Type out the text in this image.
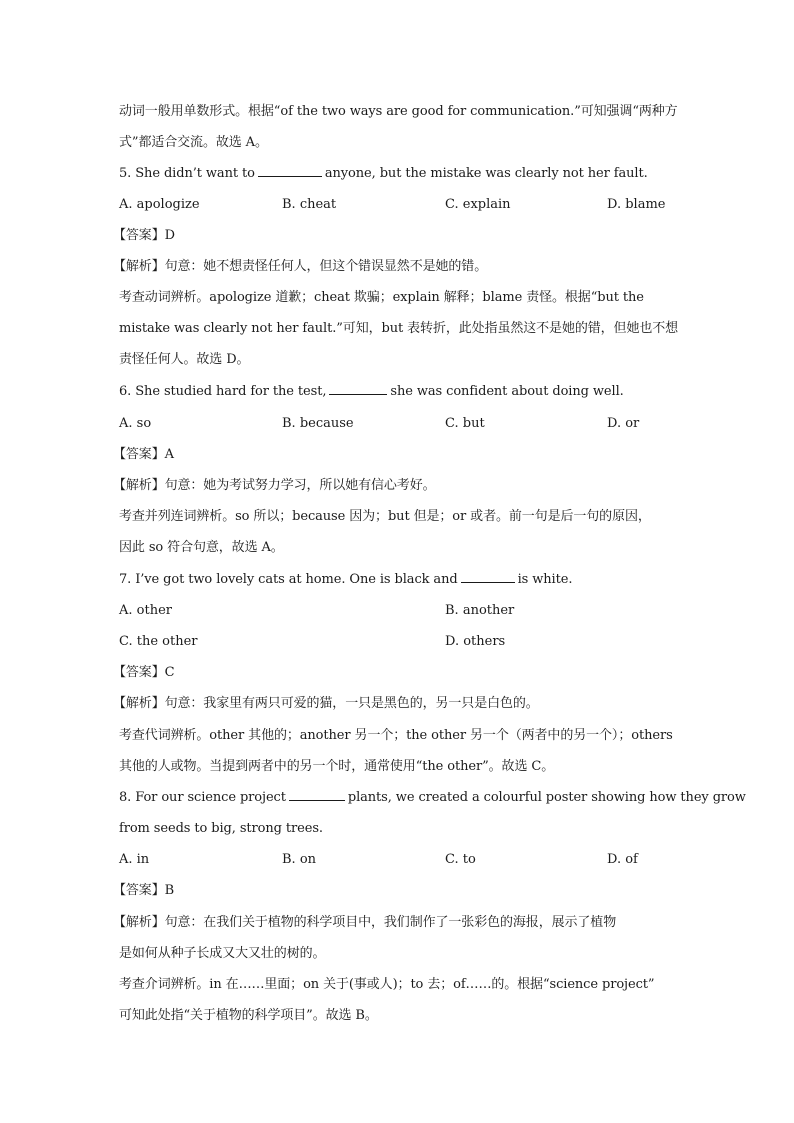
动词一般用单数形式。根据“of the two ways are good for communication.”可知强调“两种方
式”都适合交流。故选 A。
5. She didn’t want to	anyone, but the mistake was clearly not her fault.
A. apologize	B. cheat	C. explain	D. blame
【答案】D
【解析】句意：她不想责怪任何人，但这个错误显然不是她的错。
考查动词辨析。apologize 道歉；cheat 欺骗；explain 解释；blame 责怪。根据“but the
mistake was clearly not her fault.”可知，but 表转折，此处指虽然这不是她的错，但她也不想
责怪任何人。故选 D。
6. She studied hard for the test,	she was confident about doing well.
A. so	B. because	C. but	D. or
【答案】A
【解析】句意：她为考试努力学习，所以她有信心考好。
考查并列连词辨析。so 所以；because 因为；but 但是；or 或者。前一句是后一句的原因，
因此 so 符合句意，故选 A。
7. I’ve got two lovely cats at home. One is black and	is white.
A. other	B. another
C. the other	D. others
【答案】C
【解析】句意：我家里有两只可爱的猫，一只是黑色的，另一只是白色的。
考查代词辨析。other 其他的；another 另一个；the other 另一个（两者中的另一个）；others
其他的人或物。当提到两者中的另一个时，通常使用“the other”。故选 C。
8. For our science project	plants, we created a colourful poster showing how they grow
from seeds to big, strong trees.
A. in	B. on	C. to	D. of
【答案】B
【解析】句意：在我们关于植物的科学项目中，我们制作了一张彩色的海报，展示了植物
是如何从种子长成又大又壮的树的。
考查介词辨析。in 在……里面；on 关于(事或人)；to 去；of……的。根据“science project”
可知此处指“关于植物的科学项目”。故选 B。
